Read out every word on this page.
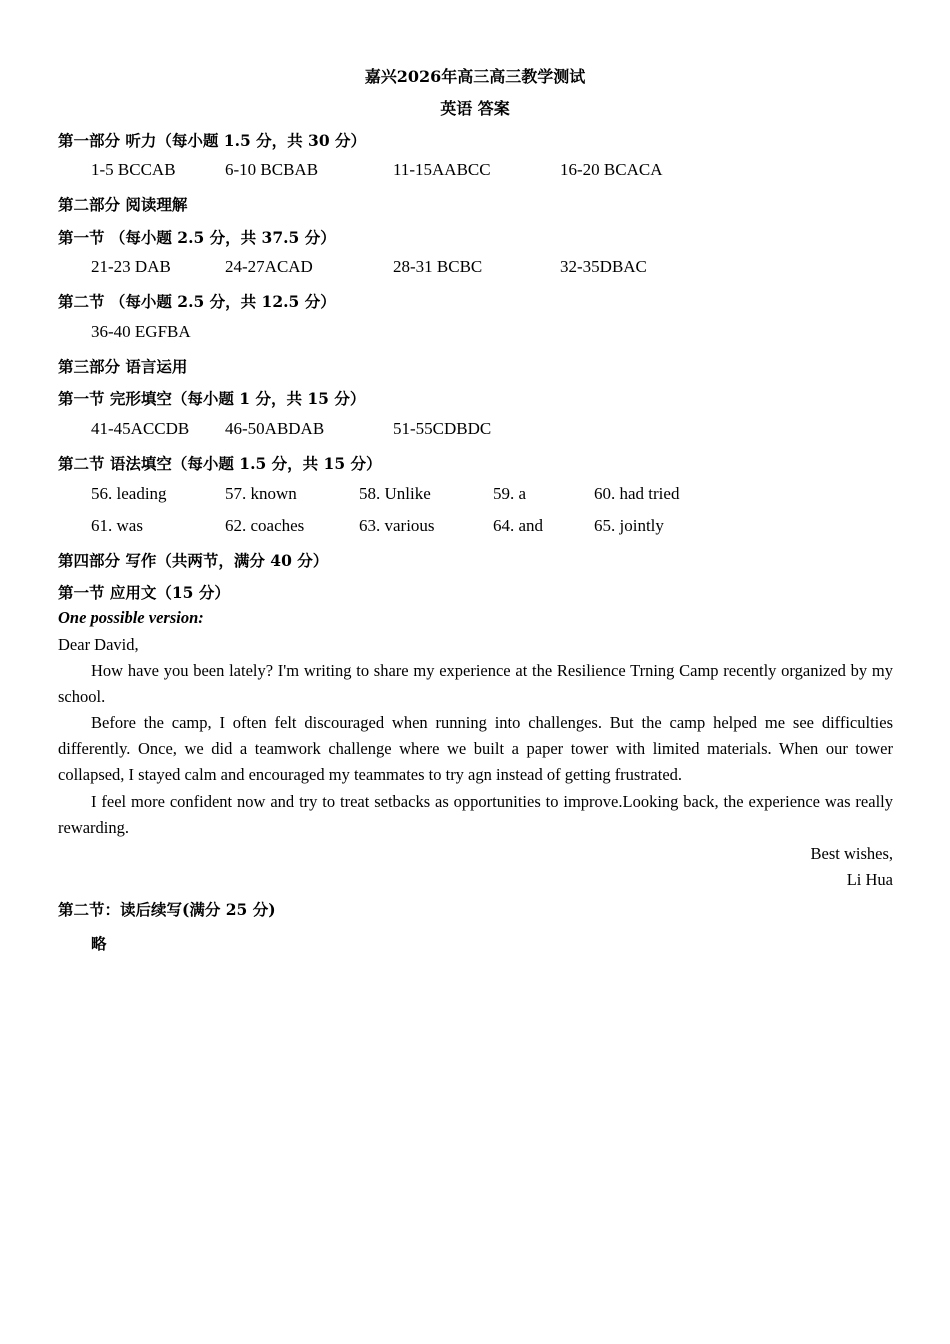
嘉兴2026年高三高三教学测试
英语 答案
第一部分 听力（每小题 1.5 分，共 30 分）
1-5 BCCAB	6-10 BCBAB	11-15AABCC	16-20 BCACA
第二部分 阅读理解
第一节 （每小题 2.5 分，共 37.5 分）
21-23 DAB	24-27ACAD	28-31 BCBC	32-35DBAC
第二节 （每小题 2.5 分，共 12.5 分）
36-40 EGFBA
第三部分 语言运用
第一节 完形填空（每小题 1 分，共 15 分）
41-45ACCDB 46-50ABDAB	51-55CDBDC
第二节 语法填空（每小题 1.5 分，共 15 分）
56. leading	57. known	58. Unlike	59. a	60. had tried
61. was	62. coaches	63. various	64. and	65. jointly
第四部分 写作（共两节，满分 40 分）
第一节 应用文（15 分）
One possible version:
Dear David,
How have you been lately? I'm writing to share my experience at the Resilience Trning Camp recently organized by my school.
Before the camp, I often felt discouraged when running into challenges. But the camp helped me see difficulties differently. Once, we did a teamwork challenge where we built a paper tower with limited materials. When our tower collapsed, I stayed calm and encouraged my teammates to try agn instead of getting frustrated.
I feel more confident now and try to treat setbacks as opportunities to improve.Looking back, the experience was really rewarding.
Best wishes,
Li Hua
第二节：读后续写(满分 25 分)
略
